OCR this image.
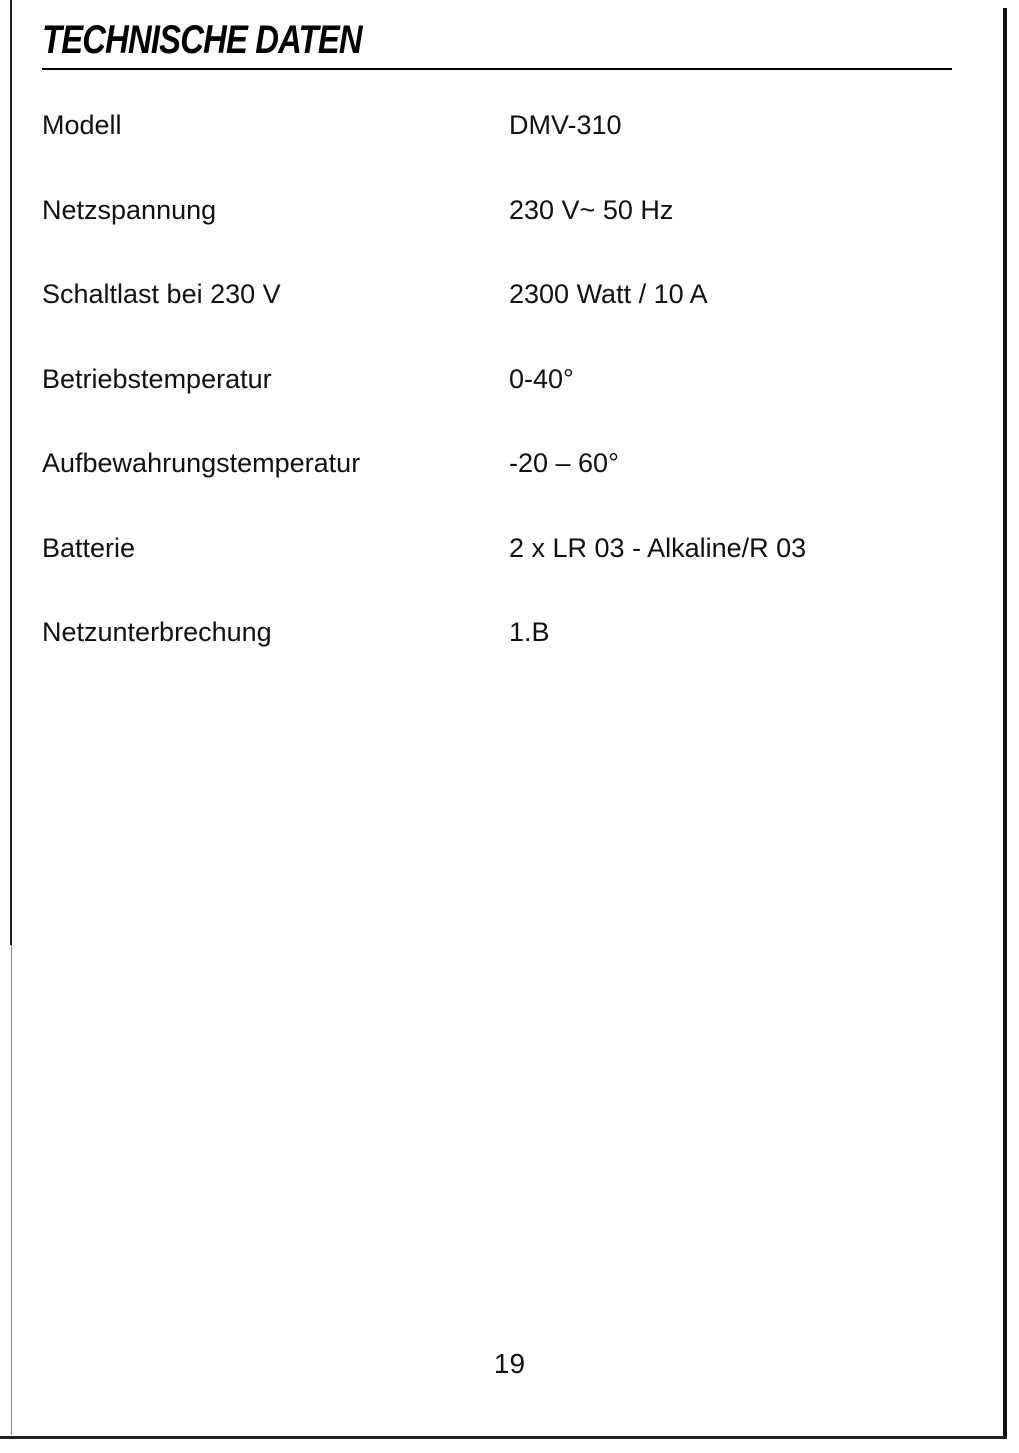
TECHNISCHE DATEN
Modell	DMV-310
Netzspannung	230 V~ 50 Hz
Schaltlast bei 230 V	2300 Watt / 10 A
Betriebstemperatur	0-40°
Aufbewahrungstemperatur	-20 – 60°
Batterie	2 x LR 03 - Alkaline/R 03
Netzunterbrechung	1.B
19
